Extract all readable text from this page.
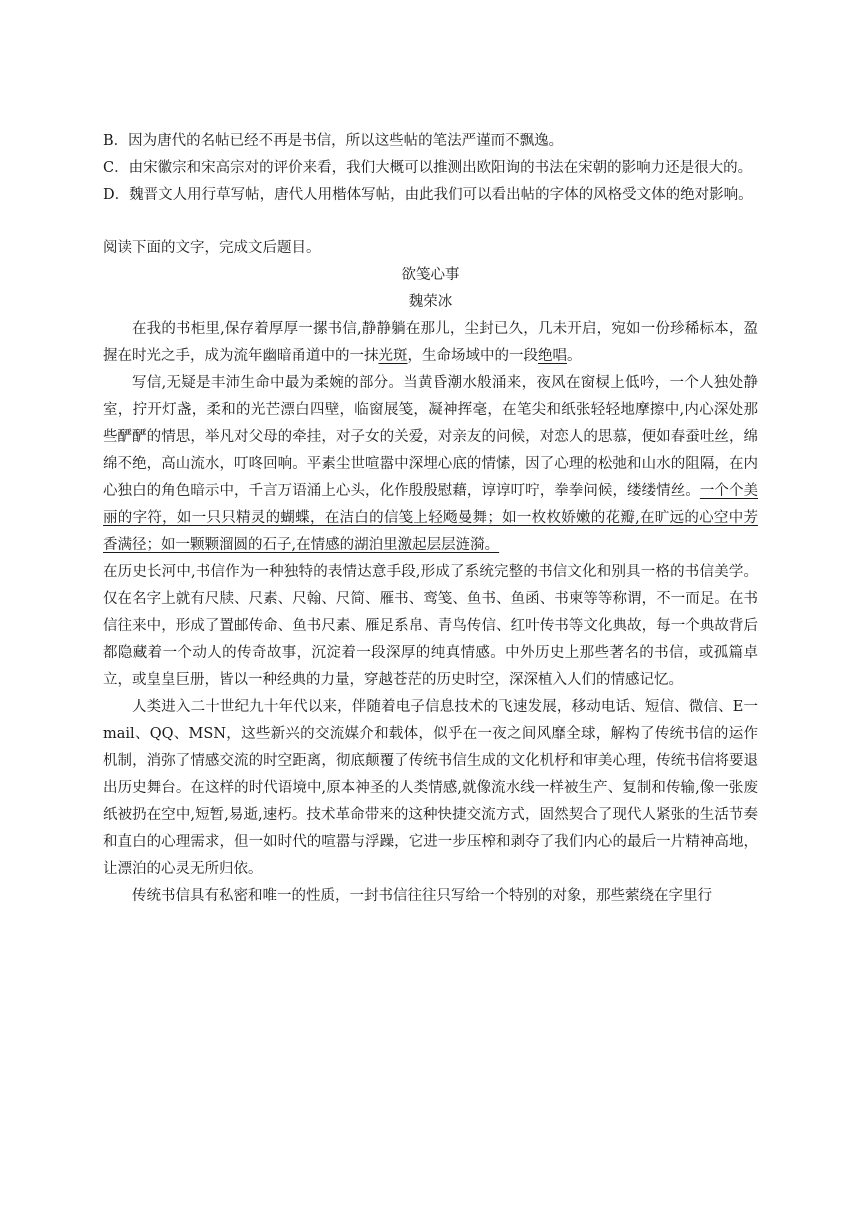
B．因为唐代的名帖已经不再是书信，所以这些帖的笔法严谨而不飘逸。
C．由宋徽宗和宋高宗对的评价来看，我们大概可以推测出欧阳询的书法在宋朝的影响力还是很大的。
D．魏晋文人用行草写帖，唐代人用楷体写帖，由此我们可以看出帖的字体的风格受文体的绝对影响。
阅读下面的文字，完成文后题目。
欲笺心事
魏荣冰
在我的书柜里,保存着厚厚一摞书信,静静躺在那儿，尘封已久，几未开启，宛如一份珍稀标本，盈握在时光之手，成为流年幽暗甬道中的一抹光斑，生命场域中的一段绝唱。
写信,无疑是丰沛生命中最为柔婉的部分。当黄昏潮水般涌来，夜风在窗棂上低吟，一个人独处静室，拧开灯盏，柔和的光芒漂白四壁，临窗展笺，凝神挥毫，在笔尖和纸张轻轻地摩擦中,内心深处那些酽酽的情思，举凡对父母的牵挂，对子女的关爱，对亲友的问候，对恋人的思慕，便如春蚕吐丝，绵绵不绝，高山流水，叮咚回响。平素尘世喧嚣中深埋心底的情愫，因了心理的松弛和山水的阻隔，在内心独白的角色暗示中，千言万语涌上心头，化作殷殷慰藉，谆谆叮咛，拳拳问候，缕缕情丝。一个个美丽的字符，如一只只精灵的蝴蝶，在洁白的信笺上轻飏曼舞；如一枚枚娇嫩的花瓣,在旷远的心空中芳香满径；如一颗颗溜圆的石子,在情感的湖泊里激起层层涟漪。
在历史长河中,书信作为一种独特的表情达意手段,形成了系统完整的书信文化和别具一格的书信美学。仅在名字上就有尺牍、尺素、尺翰、尺简、雁书、鸾笺、鱼书、鱼函、书柬等等称谓，不一而足。在书信往来中，形成了置邮传命、鱼书尺素、雁足系帛、青鸟传信、红叶传书等文化典故，每一个典故背后都隐藏着一个动人的传奇故事，沉淀着一段深厚的纯真情感。中外历史上那些著名的书信，或孤篇卓立，或皇皇巨册，皆以一种经典的力量，穿越苍茫的历史时空，深深植入人们的情感记忆。
人类进入二十世纪九十年代以来，伴随着电子信息技术的飞速发展，移动电话、短信、微信、E一mail、QQ、MSN，这些新兴的交流媒介和载体，似乎在一夜之间风靡全球，解构了传统书信的运作机制，消弥了情感交流的时空距离，彻底颠覆了传统书信生成的文化机杼和审美心理，传统书信将要退出历史舞台。在这样的时代语境中,原本神圣的人类情感,就像流水线一样被生产、复制和传输,像一张废纸被扔在空中,短暂,易逝,速朽。技术革命带来的这种快捷交流方式，固然契合了现代人紧张的生活节奏和直白的心理需求，但一如时代的喧嚣与浮躁，它进一步压榨和剥夺了我们内心的最后一片精神高地，让漂泊的心灵无所归依。
传统书信具有私密和唯一的性质，一封书信往往只写给一个特别的对象，那些萦绕在字里行
